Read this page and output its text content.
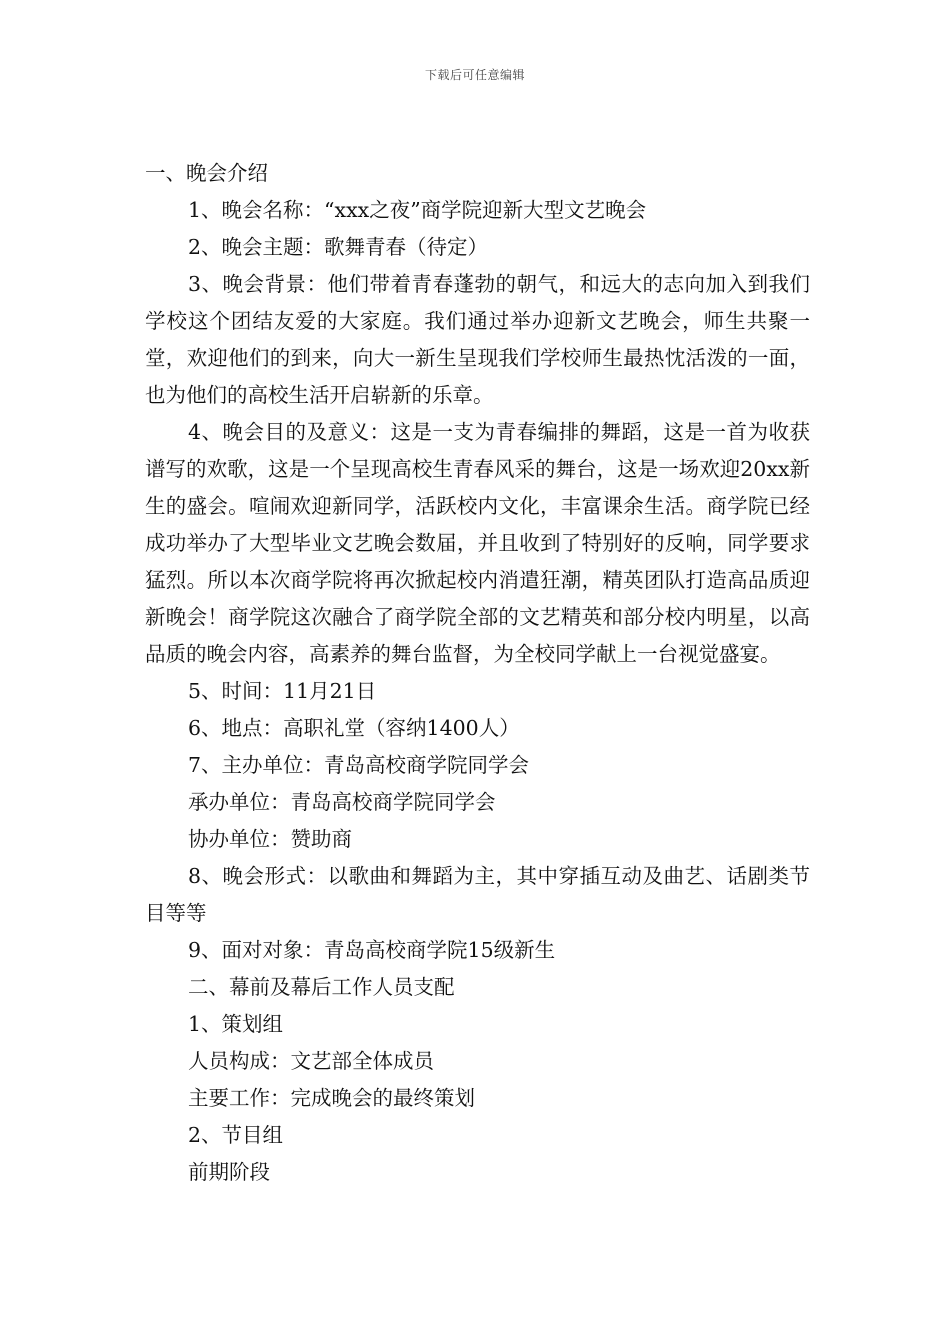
下载后可任意编辑

一、晚会介绍

1、晚会名称：“xxx之夜”商学院迎新大型文艺晚会

2、晚会主题：歌舞青春（待定）

3、晚会背景：他们带着青春蓬勃的朝气，和远大的志向加入到我们学校这个团结友爱的大家庭。我们通过举办迎新文艺晚会，师生共聚一堂，欢迎他们的到来，向大一新生呈现我们学校师生最热忱活泼的一面，也为他们的高校生活开启崭新的乐章。

4、晚会目的及意义：这是一支为青春编排的舞蹈，这是一首为收获谱写的欢歌，这是一个呈现高校生青春风采的舞台，这是一场欢迎20xx新生的盛会。喧闹欢迎新同学，活跃校内文化，丰富课余生活。商学院已经成功举办了大型毕业文艺晚会数届，并且收到了特别好的反响，同学要求猛烈。所以本次商学院将再次掀起校内消遣狂潮，精英团队打造高品质迎新晚会！商学院这次融合了商学院全部的文艺精英和部分校内明星，以高品质的晚会内容，高素养的舞台监督，为全校同学献上一台视觉盛宴。

5、时间：11月21日

6、地点：高职礼堂（容纳1400人）

7、主办单位：青岛高校商学院同学会

承办单位：青岛高校商学院同学会

协办单位：赞助商

8、晚会形式：以歌曲和舞蹈为主，其中穿插互动及曲艺、话剧类节目等等

9、面对对象：青岛高校商学院15级新生

二、幕前及幕后工作人员支配

1、策划组

人员构成：文艺部全体成员

主要工作：完成晚会的最终策划

2、节目组

前期阶段
